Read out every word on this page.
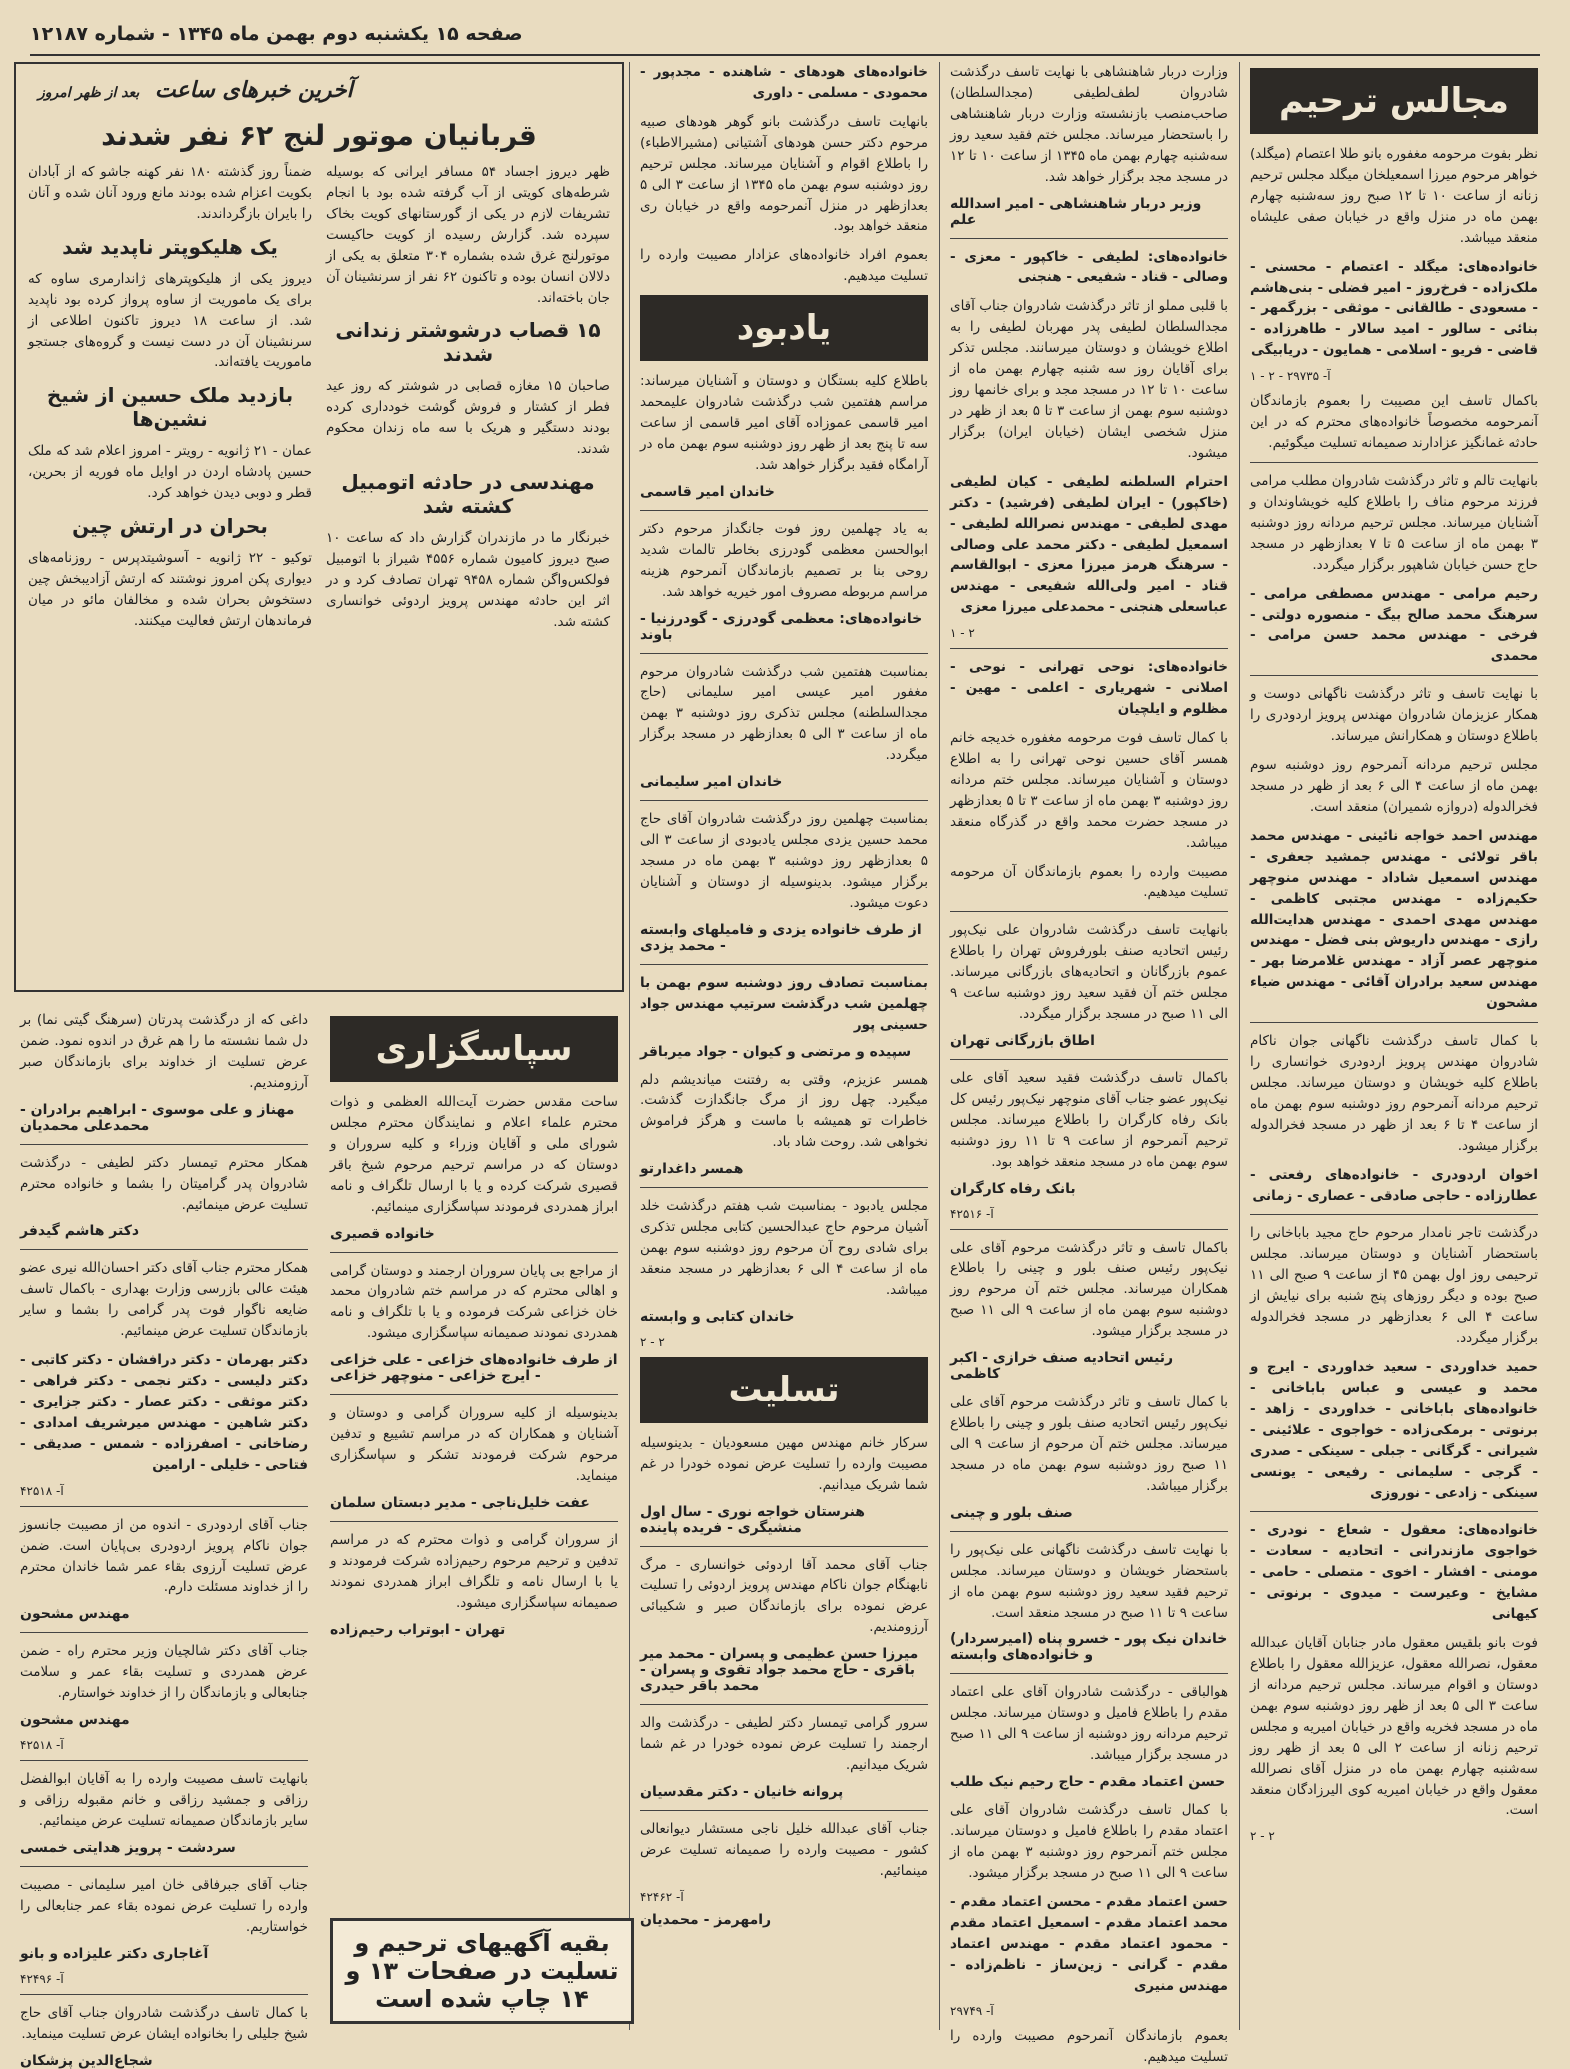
صفحه ۱۵ یکشنبه دوم بهمن ماه ۱۳۴۵ - شماره ۱۲۱۸۷
مجالس ترحیم

نظر بفوت مرحومه مغفوره بانو طلا اعتصام (میگلد) خواهر مرحوم میرزا اسمعیلخان میگلد مجلس ترحیم زنانه از ساعت ۱۰ تا ۱۲ صبح روز سه‌شنبه چهارم بهمن ماه در منزل واقع در خیابان صفی علیشاه منعقد میباشد.

خانواده‌های: میگلد - اعتصام - محسنی - ملک‌زاده - فرخ‌روز - امیر فضلی - بنی‌هاشم - مسعودی - طالقانی - موثقی - بزرگمهر - بنائی - سالور - امید سالار - طاهرزاده - قاضی - فریو - اسلامی - همایون - دریابیگی

آ- ۲۹۷۳۵ - ۲ - ۱

باکمال تاسف این مصیبت را بعموم بازماندگان آنمرحومه مخصوصاً خانواده‌های محترم که در این حادثه غمانگیز عزادارند صمیمانه تسلیت میگوئیم.

بانهایت تالم و تاثر درگذشت شادروان مطلب مرامی فرزند مرحوم مناف را باطلاع کلیه خویشاوندان و آشنایان میرساند. مجلس ترحیم مردانه روز دوشنبه ۳ بهمن ماه از ساعت ۵ تا ۷ بعدازظهر در مسجد حاج حسن خیابان شاهپور برگزار میگردد.

رحیم مرامی - مهندس مصطفی مرامی - سرهنگ محمد صالح بیگ - منصوره دولتی - فرخی - مهندس محمد حسن مرامی - محمدی

با نهایت تاسف و تاثر درگذشت ناگهانی دوست و همکار عزیزمان شادروان مهندس پرویز اردودری را باطلاع دوستان و همکارانش میرساند.

مجلس ترحیم مردانه آنمرحوم روز دوشنبه سوم بهمن ماه از ساعت ۴ الی ۶ بعد از ظهر در مسجد فخرالدوله (دروازه شمیران) منعقد است.

مهندس احمد خواجه نائینی - مهندس محمد باقر تولائی - مهندس جمشید جعفری - مهندس اسمعیل شاداد - مهندس منوچهر حکیم‌زاده - مهندس مجتبی کاظمی - مهندس مهدی احمدی - مهندس هدایت‌الله رازی - مهندس داریوش بنی فضل - مهندس منوچهر عصر آزاد - مهندس غلامرضا بهر - مهندس سعید برادران آقائی - مهندس ضیاء مشحون

با کمال تاسف درگذشت ناگهانی جوان ناکام شادروان مهندس پرویز اردودری خوانساری را باطلاع کلیه خویشان و دوستان میرساند. مجلس ترحیم مردانه آنمرحوم روز دوشنبه سوم بهمن ماه از ساعت ۴ تا ۶ بعد از ظهر در مسجد فخرالدوله برگزار میشود.

اخوان اردودری - خانواده‌های رفعتی - عطارزاده - حاجی صادقی - عصاری - زمانی

درگذشت تاجر نامدار مرحوم حاج مجید باباخانی را باستحضار آشنایان و دوستان میرساند. مجلس ترحیمی روز اول بهمن ۴۵ از ساعت ۹ صبح الی ۱۱ صبح بوده و دیگر روزهای پنج شنبه برای نیایش از ساعت ۴ الی ۶ بعدازظهر در مسجد فخرالدوله برگزار میگردد.

حمید خداوردی - سعید خداوردی - ایرج و محمد و عیسی و عباس باباخانی - خانواده‌های باباخانی - خداوردی - زاهد - برنوتی - برمکی‌زاده - خواجوی - علائینی - شیرانی - گرگانی - جبلی - سینکی - صدری - گرجی - سلیمانی - رفیعی - یونسی سینکی - زادعی - نوروزی

خانواده‌های: معقول - شعاع - نودری - خواجوی مازندرانی - اتحادیه - سعادت - مومنی - افشار - اخوی - متصلی - حامی - مشایخ - وعیرست - میدوی - برنوتی - کیهانی

فوت بانو بلقیس معقول مادر جنابان آقایان عبدالله معقول، نصرالله معقول، عزیزالله معقول را باطلاع دوستان و اقوام میرساند. مجلس ترحیم مردانه از ساعت ۳ الی ۵ بعد از ظهر روز دوشنبه سوم بهمن ماه در مسجد فخریه واقع در خیابان امیریه و مجلس ترحیم زنانه از ساعت ۲ الی ۵ بعد از ظهر روز سه‌شنبه چهارم بهمن ماه در منزل آقای نصرالله معقول واقع در خیابان امیریه کوی ‌‌الیرزادگان منعقد است.

۲ - ۲

وزارت دربار شاهنشاهی با نهایت تاسف درگذشت شادروان لطف‌لطیفی (مجدالسلطان) صاحب‌منصب بازنشسته وزارت دربار شاهنشاهی را باستحضار میرساند. مجلس ختم فقید سعید روز سه‌شنبه چهارم بهمن ماه ۱۳۴۵ از ساعت ۱۰ تا ۱۲ در مسجد مجد برگزار خواهد شد.

وزیر دربار شاهنشاهی - امیر اسدالله علم

خانواده‌های: لطیفی - خاکپور - معزی - وصالی - قناد - شفیعی - هنجنی

با قلبی مملو از تاثر درگذشت شادروان جناب آقای مجدالسلطان لطیفی پدر مهربان لطیفی را به اطلاع خویشان و دوستان میرسانند. مجلس تذکر برای آقایان روز سه شنبه چهارم بهمن ماه از ساعت ۱۰ تا ۱۲ در مسجد مجد و برای خانمها روز دوشنبه سوم بهمن از ساعت ۳ تا ۵ بعد از ظهر در منزل شخصی ایشان (خیابان ایران) برگزار میشود.

احترام السلطنه لطیفی - کیان لطیفی (خاکپور) - ایران لطیفی (فرشید) - دکتر مهدی لطیفی - مهندس نصرالله لطیفی - اسمعیل لطیفی - دکتر محمد علی وصالی - سرهنگ هرمز میرزا معزی - ابوالقاسم قناد - امیر ولی‌الله شفیعی - مهندس عباسعلی هنجنی - محمدعلی میرزا معزی

۲ - ۱

خانواده‌های: نوحی تهرانی - نوحی - اصلانی - شهریاری - اعلمی - مهین - مظلوم و ایلچیان

با کمال تاسف فوت مرحومه مغفوره خدیجه خانم همسر آقای حسین نوحی تهرانی را به اطلاع دوستان و آشنایان میرساند. مجلس ختم مردانه روز دوشنبه ۳ بهمن ماه از ساعت ۳ تا ۵ بعدازظهر در مسجد حضرت محمد واقع در گذرگاه منعقد میباشد.

مصیبت وارده را بعموم بازماندگان آن مرحومه تسلیت میدهیم.

بانهایت تاسف درگذشت شادروان علی نیک‌پور رئیس اتحادیه صنف بلورفروش تهران را باطلاع عموم بازرگانان و اتحادیه‌های بازرگانی میرساند. مجلس ختم آن فقید سعید روز دوشنبه ساعت ۹ الی ۱۱ صبح در مسجد برگزار میگردد.

اطاق بازرگانی تهران

باکمال تاسف درگذشت فقید سعید آقای علی نیک‌پور عضو جناب آقای منوچهر نیک‌پور رئیس کل بانک رفاه کارگران را باطلاع میرساند. مجلس ترحیم آنمرحوم از ساعت ۹ تا ۱۱ روز دوشنبه سوم بهمن ماه در مسجد منعقد خواهد بود.

بانک رفاه کارگران
آ- ۴۲۵۱۶

باکمال تاسف و تاثر درگذشت مرحوم آقای علی نیک‌پور رئیس صنف بلور و چینی را باطلاع همکاران میرساند. مجلس ختم آن مرحوم روز دوشنبه سوم بهمن ماه از ساعت ۹ الی ۱۱ صبح در مسجد برگزار میشود.

رئیس اتحادیه صنف خرازی - اکبر کاظمی

با کمال تاسف و تاثر درگذشت مرحوم آقای علی نیک‌پور رئیس اتحادیه صنف بلور و چینی را باطلاع میرساند. مجلس ختم آن مرحوم از ساعت ۹ الی ۱۱ صبح روز دوشنبه سوم بهمن ماه در مسجد برگزار میباشد.

صنف بلور و چینی

با نهایت تاسف درگذشت ناگهانی علی نیک‌پور را باستحضار خویشان و دوستان میرساند. مجلس ترحیم فقید سعید روز دوشنبه سوم بهمن ماه از ساعت ۹ تا ۱۱ صبح در مسجد منعقد است.

خاندان نیک پور - خسرو پناه (امیرسردار) و خانواده‌های وابسته

هوالباقی - درگذشت شادروان آقای علی اعتماد مقدم را باطلاع فامیل و دوستان میرساند. مجلس ترحیم مردانه روز دوشنبه از ساعت ۹ الی ۱۱ صبح در مسجد برگزار میباشد.

حسن اعتماد مقدم - حاج رحیم نیک طلب

با کمال تاسف درگذشت شادروان آقای علی اعتماد مقدم را باطلاع فامیل و دوستان میرساند. مجلس ختم آنمرحوم روز دوشنبه ۳ بهمن ماه از ساعت ۹ الی ۱۱ صبح در مسجد برگزار میشود.

حسن اعتماد مقدم - محسن اعتماد مقدم - محمد اعتماد مقدم - اسمعیل اعتماد مقدم - محمود اعتماد مقدم - مهندس اعتماد مقدم - گرانی - زین‌ساز - ناظم‌زاده - مهندس منیری

آ- ۲۹۷۴۹

بعموم بازماندگان آنمرحوم مصیبت وارده را تسلیت میدهیم.

خانواده‌های هودهای - شاهنده - مجدپور - محمودی - مسلمی - داوری

بانهایت تاسف درگذشت بانو گوهر هودهای صبیه مرحوم دکتر حسن هودهای آشتیانی (مشیرالاطباء) را باطلاع اقوام و آشنایان میرساند. مجلس ترحیم روز دوشنبه سوم بهمن ماه ۱۳۴۵ از ساعت ۳ الی ۵ بعدازظهر در منزل آنمرحومه واقع در خیابان ری منعقد خواهد بود.

بعموم افراد خانواده‌های عزادار مصیبت وارده را تسلیت میدهیم.

یادبود

باطلاع کلیه بستگان و دوستان و آشنایان میرساند: مراسم هفتمین شب درگذشت شادروان علیمحمد امیر قاسمی عموزاده آقای امیر قاسمی از ساعت سه تا پنج بعد از ظهر روز دوشنبه سوم بهمن ماه در آرامگاه فقید برگزار خواهد شد.

خاندان امیر قاسمی

به یاد چهلمین روز فوت جانگداز مرحوم دکتر ابوالحسن معظمی گودرزی بخاطر تالمات شدید روحی بنا بر تصمیم بازماندگان آنمرحوم هزینه مراسم مربوطه مصروف امور خیریه خواهد شد.

خانواده‌های: معظمی گودرزی - گودرزنیا - باوند

بمناسبت هفتمین شب درگذشت شادروان مرحوم مغفور امیر عیسی امیر سلیمانی (حاج مجدالسلطنه) مجلس تذکری روز دوشنبه ۳ بهمن ماه از ساعت ۳ الی ۵ بعدازظهر در مسجد برگزار میگردد.

خاندان امیر سلیمانی

بمناسبت چهلمین روز درگذشت شادروان آقای حاج محمد حسین یزدی مجلس یادبودی از ساعت ۳ الی ۵ بعدازظهر روز دوشنبه ۳ بهمن ماه در مسجد برگزار میشود. بدینوسیله از دوستان و آشنایان دعوت میشود.

از طرف خانواده یزدی و فامیلهای وابسته - محمد یزدی

بمناسبت تصادف روز دوشنبه سوم بهمن با چهلمین شب درگذشت سرتیپ مهندس جواد حسینی پور

سپیده و مرتضی و کیوان - جواد میرباقر

همسر عزیزم، وقتی به رفتنت میاندیشم دلم میگیرد. چهل روز از مرگ جانگدازت گذشت. خاطرات تو همیشه با ماست و هرگز فراموش نخواهی شد. روحت شاد باد.

همسر داغدارتو

مجلس یادبود - بمناسبت شب هفتم درگذشت خلد آشیان مرحوم حاج عبدالحسین کتابی مجلس تذکری برای شادی روح آن مرحوم روز دوشنبه سوم بهمن ماه از ساعت ۴ الی ۶ بعدازظهر در مسجد منعقد میباشد.

خاندان کتابی و وابسته
۲ - ۲
تسلیت

سرکار خانم مهندس مهین مسعودیان - بدینوسیله مصیبت وارده را تسلیت عرض نموده خودرا در غم شما شریک میدانیم.

هنرستان خواجه نوری - سال اول منشیگری - فریده پاینده

جناب آقای محمد آقا اردوئی خوانساری - مرگ نابهنگام جوان ناکام مهندس پرویز اردوئی را تسلیت عرض نموده برای بازماندگان صبر و شکیبائی آرزومندیم.

میرزا حسن عظیمی و پسران - محمد میر باقری - حاج محمد جواد تقوی و پسران - محمد باقر حیدری

سرور گرامی تیمسار دکتر لطیفی - درگذشت والد ارجمند را تسلیت عرض نموده خودرا در غم شما شریک میدانیم.

پروانه خانیان - دکتر مقدسیان

جناب آقای عبدالله خلیل ناجی مستشار دیوانعالی کشور - مصیبت وارده را صمیمانه تسلیت عرض مینمائیم.

آ- ۴۲۴۶۲
رامهرمز - محمدیان
آخرین خبرهای ساعت بعد از ظهر امروز
قربانیان موتور لنج ۶۲ نفر شدند

ظهر دیروز اجساد ۵۴ مسافر ایرانی که بوسیله شرطه‌های کویتی از آب گرفته شده بود با انجام تشریفات لازم در یکی از گورستانهای کویت بخاک سپرده شد. گزارش رسیده از کویت حاکیست موتورلنج غرق شده بشماره ۳۰۴ متعلق به یکی از دلالان انسان بوده و تاکنون ۶۲ نفر از سرنشینان آن جان باخته‌اند.

۱۵ قصاب درشوشتر زندانی شدند

صاحبان ۱۵ مغازه قصابی در شوشتر که روز عید فطر از کشتار و فروش گوشت خودداری کرده بودند دستگیر و هریک با سه ماه زندان محکوم شدند.

مهندسی در حادثه اتومبیل کشته شد

خبرنگار ما در مازندران گزارش داد که ساعت ۱۰ صبح دیروز کامیون شماره ۴۵۵۶ شیراز با اتومبیل فولکس‌واگن شماره ۹۴۵۸ تهران تصادف کرد و در اثر این حادثه مهندس پرویز اردوئی خوانساری کشته شد.

ضمناً روز گذشته ۱۸۰ نفر کهنه جاشو که از آبادان بکویت اعزام شده بودند مانع ورود آنان شده و آنان را بایران بازگرداندند.

یک هلیکوپتر ناپدید شد

دیروز یکی از هلیکوپترهای ژاندارمری ساوه که برای یک ماموریت از ساوه پرواز کرده بود ناپدید شد. از ساعت ۱۸ دیروز تاکنون اطلاعی از سرنشینان آن در دست نیست و گروه‌های جستجو ماموریت یافته‌اند.

بازدید ملک حسین از شیخ نشین‌ها

عمان - ۲۱ ژانویه - رویتر - امروز اعلام شد که ملک حسین پادشاه اردن در اوایل ماه فوریه از بحرین، قطر و دوبی دیدن خواهد کرد.

بحران در ارتش چین

توکیو - ۲۲ ژانویه - آسوشیتدپرس - روزنامه‌های دیواری پکن امروز نوشتند که ارتش آزادیبخش چین دستخوش بحران شده و مخالفان مائو در میان فرماندهان ارتش فعالیت میکنند.

سپاسگزاری

ساحت مقدس حضرت آیت‌الله العظمی و ذوات محترم علماء اعلام و نمایندگان محترم مجلس شورای ملی و آقایان وزراء و کلیه سروران و دوستان که در مراسم ترحیم مرحوم شیخ باقر قصیری شرکت کرده و یا با ارسال تلگراف و نامه ابراز همدردی فرمودند سپاسگزاری مینمائیم.

خانواده قصیری

از مراجع بی پایان سروران ارجمند و دوستان گرامی و اهالی محترم که در مراسم ختم شادروان محمد خان خزاعی شرکت فرموده و یا با تلگراف و نامه همدردی نمودند صمیمانه سپاسگزاری میشود.

از طرف خانواده‌های خزاعی - علی خزاعی - ایرج خزاعی - منوچهر خزاعی

بدینوسیله از کلیه سروران گرامی و دوستان و آشنایان و همکاران که در مراسم تشییع و تدفین مرحوم شرکت فرمودند تشکر و سپاسگزاری مینماید.

عفت خلیل‌ناجی - مدیر دبستان سلمان

از سروران گرامی و ذوات محترم که در مراسم تدفین و ترحیم مرحوم رحیم‌زاده شرکت فرمودند و یا با ارسال نامه و تلگراف ابراز همدردی نمودند صمیمانه سپاسگزاری میشود.

تهران - ابوتراب رحیم‌زاده

داغی که از درگذشت پدرتان (سرهنگ گیتی نما) بر دل شما نشسته ما را هم غرق در اندوه نمود. ضمن عرض تسلیت از خداوند برای بازماندگان صبر آرزومندیم.

مهناز و علی موسوی - ابراهیم برادران - محمدعلی محمدیان

همکار محترم تیمسار دکتر لطیفی - درگذشت شادروان پدر گرامیتان را بشما و خانواده محترم تسلیت عرض مینمائیم.

دکتر هاشم گیدفر

همکار محترم جناب آقای دکتر احسان‌الله نیری عضو هیئت عالی بازرسی وزارت بهداری - باکمال تاسف ضایعه ناگوار فوت پدر گرامی را بشما و سایر بازماندگان تسلیت عرض مینمائیم.

دکتر بهرمان - دکتر درافشان - دکتر کاتبی - دکتر دلیسی - دکتر نجمی - دکتر فراهی - دکتر موثقی - دکتر عصار - دکتر جزایری - دکتر شاهین - مهندس میرشریف امدادی - رضاخانی - اصفرزاده - شمس - صدیقی - فتاحی - خلیلی - ارامین

آ- ۴۲۵۱۸

جناب آقای اردودری - اندوه من از مصیبت جانسوز جوان ناکام پرویز اردودری بی‌پایان است. ضمن عرض تسلیت آرزوی بقاء عمر شما خاندان محترم را از خداوند مسئلت دارم.

مهندس مشحون

جناب آقای دکتر شالچیان وزیر محترم راه - ضمن عرض همدردی و تسلیت بقاء عمر و سلامت جنابعالی و بازماندگان را از خداوند خواستارم.

مهندس مشحون
آ- ۴۲۵۱۸

بانهایت تاسف مصیبت وارده را به آقایان ابوالفضل رزاقی و جمشید رزاقی و خانم مقبوله رزاقی و سایر بازماندگان صمیمانه تسلیت عرض مینمائیم.

سردشت - پرویز هدایتی خمسی

جناب آقای جبرفاقی خان امیر سلیمانی - مصیبت وارده را تسلیت عرض نموده بقاء عمر جنابعالی را خواستاریم.

آغاجاری دکتر علیزاده و بانو
آ- ۴۲۴۹۶

با کمال تاسف درگذشت شادروان جناب آقای حاج شیخ جلیلی را بخانواده ایشان عرض تسلیت مینماید.

شجاع‌الدین پزشکان
بقیه آگهیهای ترحیم و تسلیت در صفحات ۱۳ و ۱۴ چاپ شده است
